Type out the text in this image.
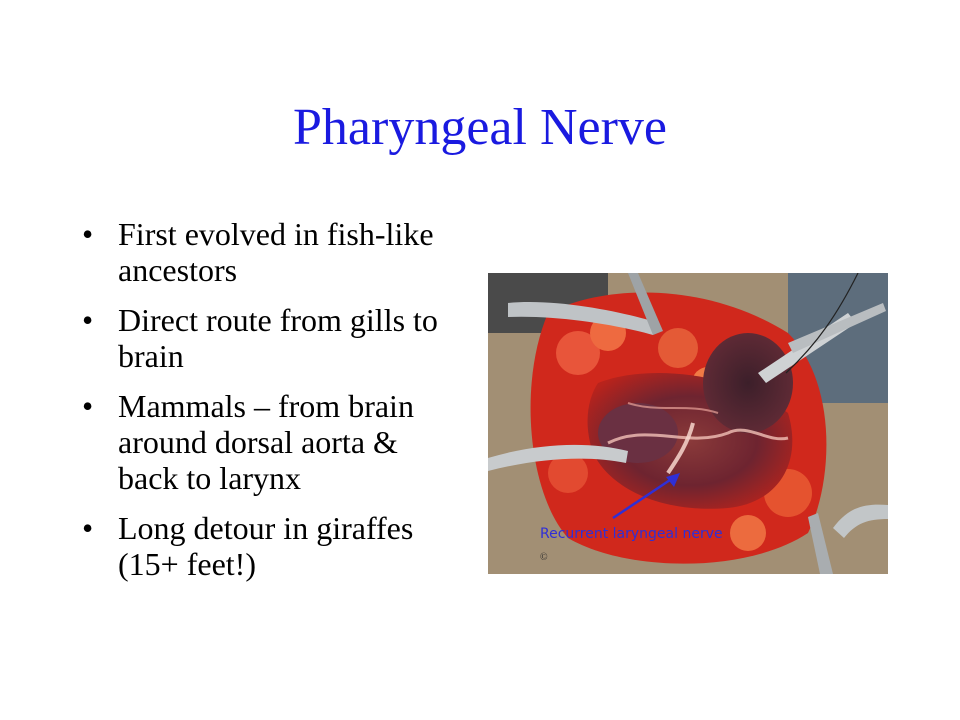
Pharyngeal Nerve
• First evolved in fish-like ancestors
• Direct route from gills to brain
• Mammals – from brain around dorsal aorta & back to larynx
• Long detour in giraffes (15+ feet!)
Recurrent laryngeal nerve
©
